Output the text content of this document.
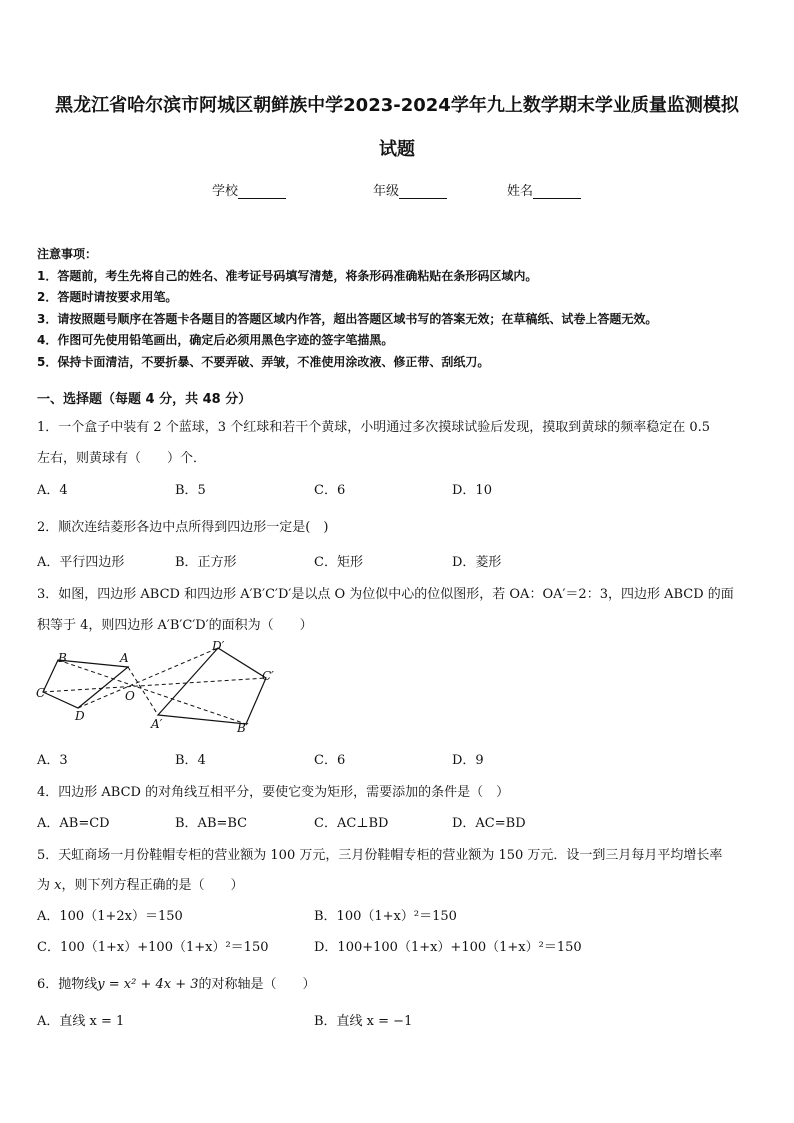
黑龙江省哈尔滨市阿城区朝鲜族中学2023-2024学年九上数学期末学业质量监测模拟
试题
学校	年级	姓名
注意事项：
1．答题前，考生先将自己的姓名、准考证号码填写清楚，将条形码准确粘贴在条形码区域内。
2．答题时请按要求用笔。
3．请按照题号顺序在答题卡各题目的答题区域内作答，超出答题区域书写的答案无效；在草稿纸、试卷上答题无效。
4．作图可先使用铅笔画出，确定后必须用黑色字迹的签字笔描黑。
5．保持卡面清洁，不要折暴、不要弄破、弄皱，不准使用涂改液、修正带、刮纸刀。
一、选择题（每题 4 分，共 48 分）
1．一个盒子中装有 2 个蓝球，3 个红球和若干个黄球，小明通过多次摸球试验后发现，摸取到黄球的频率稳定在 0.5
左右，则黄球有（　　）个．
A．4	B．5	C．6	D．10
2．顺次连结菱形各边中点所得到四边形一定是(　)
A．平行四边形	B．正方形	C．矩形	D．菱形
3．如图，四边形 ABCD 和四边形 A′B′C′D′是以点 O 为位似中心的位似图形，若 OA：OA′＝2：3，四边形 ABCD 的面
积等于 4，则四边形 A′B′C′D′的面积为（　　）
B	A
C
D
O
D′
C′
B′
A′
A．3	B．4	C．6	D．9
4．四边形 ABCD 的对角线互相平分，要使它变为矩形，需要添加的条件是（　）
A．AB=CD	B．AB=BC	C．AC⊥BD	D．AC=BD
5．天虹商场一月份鞋帽专柜的营业额为 100 万元，三月份鞋帽专柜的营业额为 150 万元．设一到三月每月平均增长率
为 x，则下列方程正确的是（　　）
A．100（1+2x）＝150	B．100（1+x）²＝150
C．100（1+x）+100（1+x）²＝150	D．100+100（1+x）+100（1+x）²＝150
6．抛物线y = x² + 4x + 3的对称轴是（　　）
A．直线 x = 1	B．直线 x = −1
